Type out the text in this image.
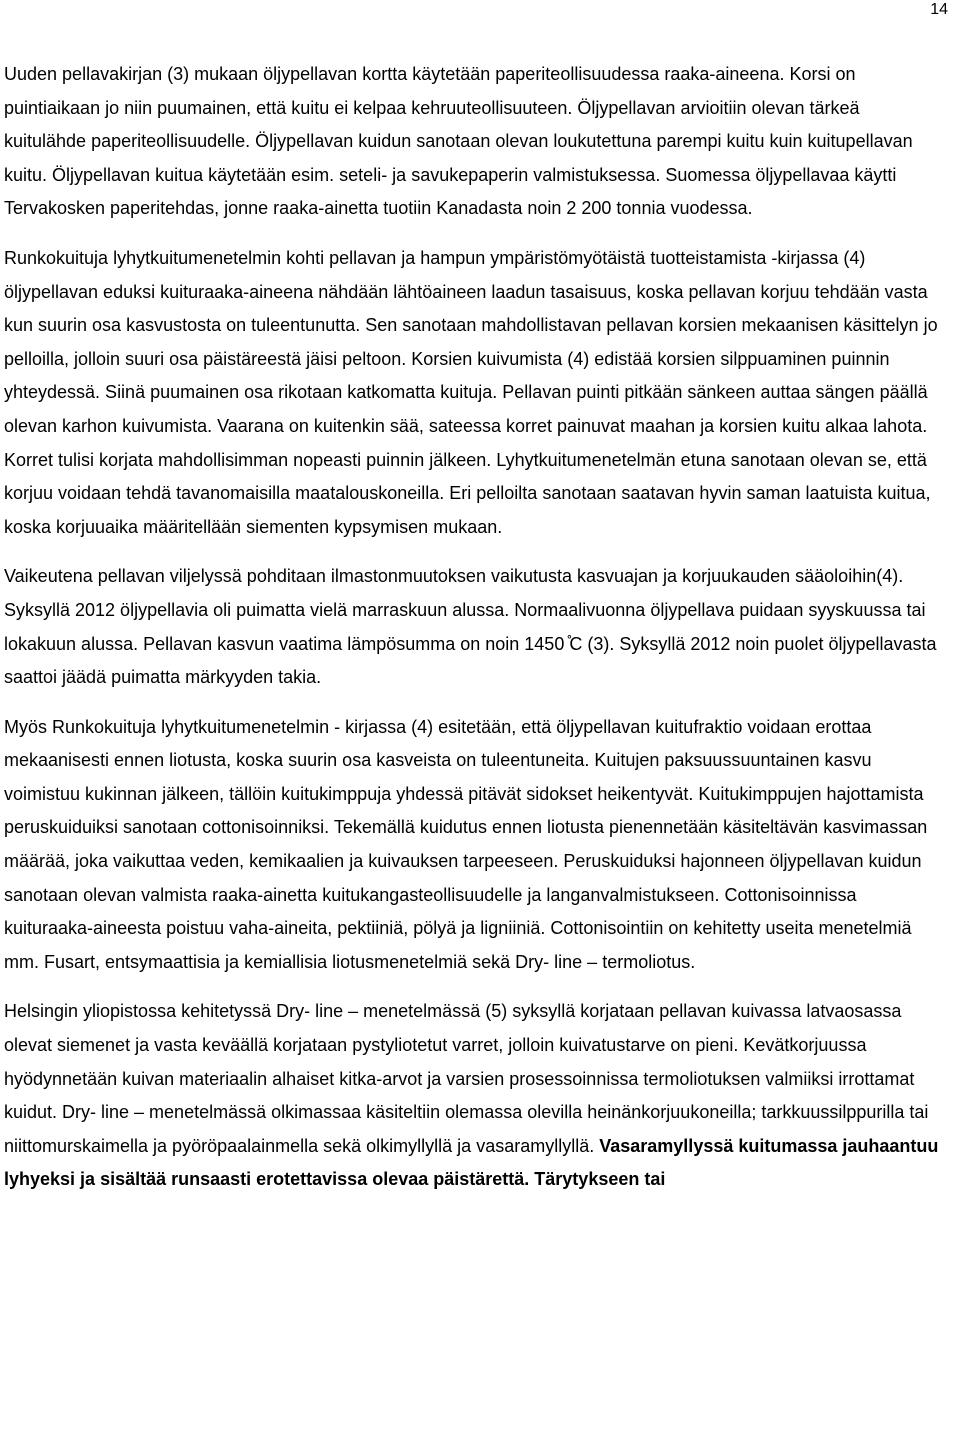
14

Uuden pellavakirjan (3) mukaan öljypellavan kortta käytetään paperiteollisuudessa raaka-aineena. Korsi on puintiaikaan jo niin puumainen, että kuitu ei kelpaa kehruuteollisuuteen. Öljypellavan arvioitiin olevan tärkeä kuitulähde paperiteollisuudelle. Öljypellavan kuidun sanotaan olevan loukutettuna parempi kuitu kuin kuitupellavan kuitu. Öljypellavan kuitua käytetään esim. seteli- ja savukepaperin valmistuksessa. Suomessa öljypellavaa käytti Tervakosken paperitehdas, jonne raaka-ainetta tuotiin Kanadasta noin 2 200 tonnia vuodessa.

Runkokuituja lyhytkuitumenetelmin kohti pellavan ja hampun ympäristömyötäistä tuotteistamista -kirjassa (4) öljypellavan eduksi kuituraaka-aineena nähdään lähtöaineen laadun tasaisuus, koska pellavan korjuu tehdään vasta kun suurin osa kasvustosta on tuleentunutta. Sen sanotaan mahdollistavan pellavan korsien mekaanisen käsittelyn jo pelloilla, jolloin suuri osa päistäreestä jäisi peltoon. Korsien kuivumista (4) edistää korsien silppuaminen puinnin yhteydessä. Siinä puumainen osa rikotaan katkomatta kuituja. Pellavan puinti pitkään sänkeen auttaa sängen päällä olevan karhon kuivumista. Vaarana on kuitenkin sää, sateessa korret painuvat maahan ja korsien kuitu alkaa lahota. Korret tulisi korjata mahdollisimman nopeasti puinnin jälkeen. Lyhytkuitumenetelmän etuna sanotaan olevan se, että korjuu voidaan tehdä tavanomaisilla maatalouskoneilla. Eri pelloilta sanotaan saatavan hyvin saman laatuista kuitua, koska korjuuaika määritellään siementen kypsymisen mukaan.

Vaikeutena pellavan viljelyssä pohditaan ilmastonmuutoksen vaikutusta kasvuajan ja korjuukauden sääoloihin(4). Syksyllä 2012 öljypellavia oli puimatta vielä marraskuun alussa. Normaalivuonna öljypellava puidaan syyskuussa tai lokakuun alussa. Pellavan kasvun vaatima lämpösumma on noin 1450 ̊C (3). Syksyllä 2012 noin puolet öljypellavasta saattoi jäädä puimatta märkyyden takia.

Myös Runkokuituja lyhytkuitumenetelmin - kirjassa (4) esitetään, että öljypellavan kuitufraktio voidaan erottaa mekaanisesti ennen liotusta, koska suurin osa kasveista on tuleentuneita. Kuitujen paksuussuuntainen kasvu voimistuu kukinnan jälkeen, tällöin kuitukimppuja yhdessä pitävät sidokset heikentyvät. Kuitukimppujen hajottamista peruskuiduiksi sanotaan cottonisoinniksi. Tekemällä kuidutus ennen liotusta pienennetään käsiteltävän kasvimassan määrää, joka vaikuttaa veden, kemikaalien ja kuivauksen tarpeeseen. Peruskuiduksi hajonneen öljypellavan kuidun sanotaan olevan valmista raaka-ainetta kuitukangasteollisuudelle ja langanvalmistukseen. Cottonisoinnissa kuituraaka-aineesta poistuu vaha-aineita, pektiiniä, pölyä ja ligniiniä. Cottonisointiin on kehitetty useita menetelmiä mm. Fusart, entsymaattisia ja kemiallisia liotusmenetelmiä sekä Dry- line – termoliotus.

Helsingin yliopistossa kehitetyssä Dry- line – menetelmässä (5) syksyllä korjataan pellavan kuivassa latvaosassa olevat siemenet ja vasta keväällä korjataan pystyliotetut varret, jolloin kuivatustarve on pieni. Kevätkorjuussa hyödynnetään kuivan materiaalin alhaiset kitka-arvot ja varsien prosessoinnissa termoliotuksen valmiiksi irrottamat kuidut. Dry- line – menetelmässä olkimassaa käsiteltiin olemassa olevilla heinänkorjuukoneilla; tarkkuussilppurilla tai niittomurskaimella ja pyöröpaalainmella sekä olkimyllyllä ja vasaramyllyllä. Vasaramyllyssä kuitumassa jauhaantuu lyhyeksi ja sisältää runsaasti erotettavissa olevaa päistärettä. Tärytykseen tai
